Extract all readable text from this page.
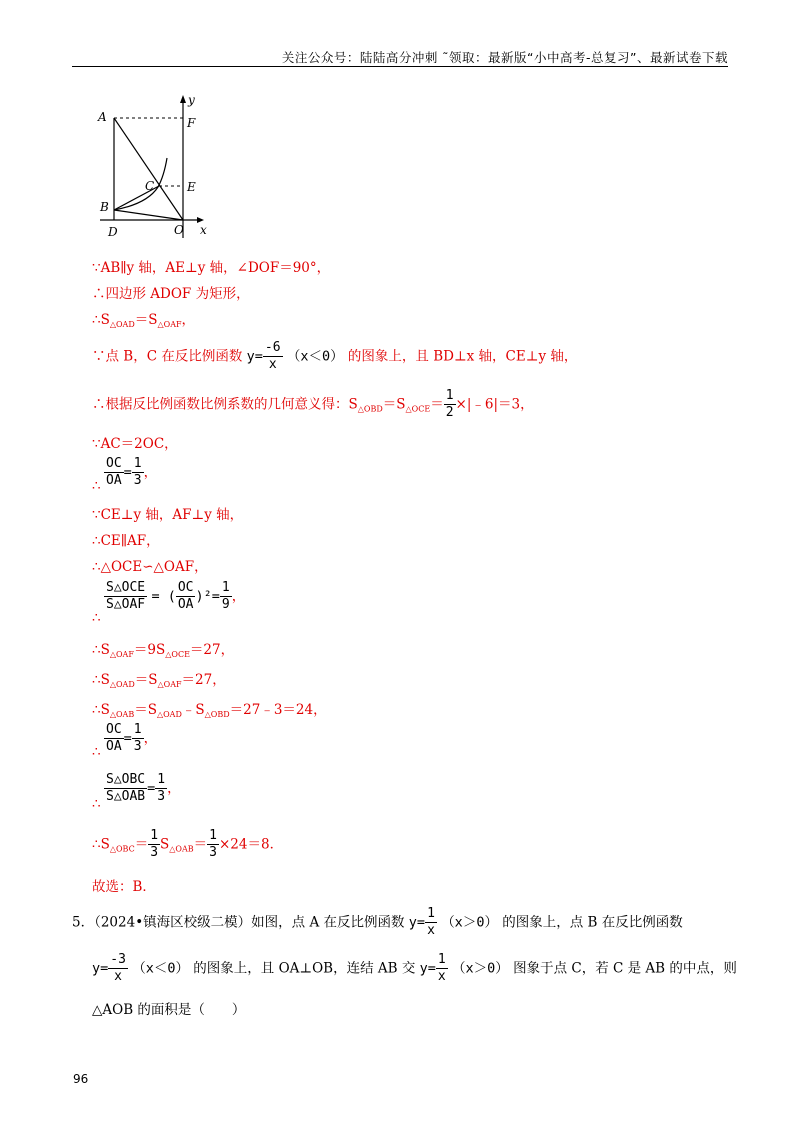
关注公众号：陆陆高分冲刺 ˜领取：最新版“小中高考-总复习”、最新试卷下载
A	F
y
C	E
B
D	O x
∵AB∥y 轴，AE⊥y 轴，∠DOF＝90°，
∴四边形 ADOF 为矩形，
$\therefore S_{\triangle OAD}=S_{\triangle OAF}$，
∵点 B，C 在反比例函数 $y= \frac{-6}{x} (x<0)$ 的图象上，且 BD⊥x 轴，CE⊥y 轴，
∴根据反比例函数比例系数的几何意义得：$S_{\triangle OBD}=S_{\triangle OCE}= \frac{1}{2}$ ×|﹣6|＝3，
∵AC＝2OC，
∴ $\frac{OC}{OA} = \frac{1}{3}$ ，
∵CE⊥y 轴，AF⊥y 轴，
∴CE∥AF，
∴△OCE∽△OAF，
∴
$\frac{\text{S△OCE}}{\text{S△OAF}}$ = ( $\frac{OC}{OA} )^2= \frac{1}{9}$ ，
$\therefore S_{\triangle OAF}=9S_{\triangle OCE}=27$，
$\therefore S_{\triangle OAD}=S_{\triangle OAF}=27$，
$\therefore S_{\triangle OAB}=S_{\triangle OAD}﹣S_{\triangle OBD}=27﹣3=24$，
∴ $\frac{OC}{OA} = \frac{1}{3}$ ，
∴ $\frac{\text{S△OBC}}{\text{S△OAB}} = \frac{1}{3}$ ，
$\therefore S_{\triangle OBC}= \frac{1}{3} S_{\triangle OAB}= \frac{1}{3} \times 24=8$．
故选：B．
5．（2024•镇海区校级二模）如图，点 A 在反比例函数 $y= \frac{1}{x} (x>0)$ 的图象上，点 B 在反比例函数
$y= \frac{-3}{x} (x<0)$ 的图象上，且 OA⊥OB，连结 AB 交 $y= \frac{1}{x} (x>0)$ 图象于点 C，若 C 是 AB 的中点，则
△AOB 的面积是（　　）
96
